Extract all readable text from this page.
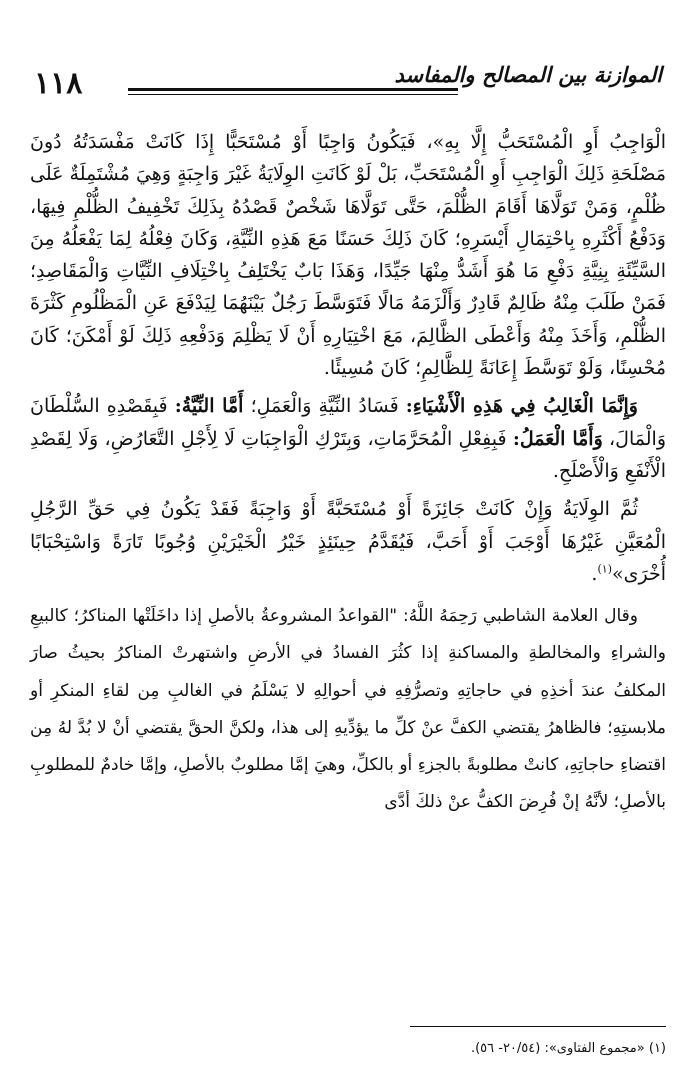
١١٨	الموازنة بين المصالح والمفاسد

الْوَاجِبُ أَوِ الْمُسْتَحَبُّ إِلَّا بِهِ»، فَيَكُونُ وَاجِبًا أَوْ مُسْتَحَبًّا إِذَا كَانَتْ مَفْسَدَتُهُ دُونَ مَصْلَحَةِ ذَلِكَ الْوَاجِبِ أَوِ الْمُسْتَحَبِّ، بَلْ لَوْ كَانَتِ الوِلَايَةُ غَيْرَ وَاجِبَةٍ وَهِيَ مُشْتَمِلَةٌ عَلَى ظُلْمٍ، وَمَنْ تَوَلَّاهَا أَقَامَ الظُّلْمَ، حَتَّى تَوَلَّاهَا شَخْصٌ قَصْدُهُ بِذَلِكَ تَخْفِيفُ الظُّلْمِ فِيهَا، وَدَفْعُ أَكْثَرِهِ بِاحْتِمَالِ أَيْسَرِهِ؛ كَانَ ذَلِكَ حَسَنًا مَعَ هَذِهِ النِّيَّةِ، وَكَانَ فِعْلُهُ لِمَا يَفْعَلُهُ مِنَ السَّيِّئَةِ بِنِيَّةِ دَفْعِ مَا هُوَ أَشَدُّ مِنْهَا جَيِّدًا، وَهَذَا بَابٌ يَخْتَلِفُ بِاخْتِلَافِ النِّيَّاتِ وَالْمَقَاصِدِ؛ فَمَنْ طَلَبَ مِنْهُ ظَالِمٌ قَادِرٌ وَأَلْزَمَهُ مَالًا فَتَوَسَّطَ رَجُلٌ بَيْنَهُمَا لِيَدْفَعَ عَنِ الْمَظْلُومِ كَثْرَةَ الظُّلْمِ، وَأَخَذَ مِنْهُ وَأَعْطَى الظَّالِمَ، مَعَ اخْتِيَارِهِ أَنْ لَا يَظْلِمَ وَدَفْعِهِ ذَلِكَ لَوْ أَمْكَنَ؛ كَانَ مُحْسِنًا، وَلَوْ تَوَسَّطَ إِعَانَةً لِلظَّالِمِ؛ كَانَ مُسِيئًا.

وَإِنَّمَا الْغَالِبُ فِي هَذِهِ الْأَشْيَاءِ: فَسَادُ النِّيَّةِ وَالْعَمَلِ؛ أَمَّا النِّيَّةُ: فَبِقَصْدِهِ السُّلْطَانَ وَالْمَالَ، وَأَمَّا الْعَمَلُ: فَبِفِعْلِ الْمُحَرَّمَاتِ، وَبِتَرْكِ الْوَاجِبَاتِ لَا لِأَجْلِ التَّعَارُضِ، وَلَا لِقَصْدِ الْأَنْفَعِ وَالْأَصْلَحِ.

ثُمَّ الوِلَايَةُ وَإِنْ كَانَتْ جَائِزَةً أَوْ مُسْتَحَبَّةً أَوْ وَاجِبَةً فَقَدْ يَكُونُ فِي حَقِّ الرَّجُلِ الْمُعَيَّنِ غَيْرُهَا أَوْجَبَ أَوْ أَحَبَّ، فَيُقَدَّمُ حِينَئِذٍ خَيْرُ الْخَيْرَيْنِ وُجُوبًا تَارَةً وَاسْتِحْبَابًا أُخْرَى»$^{(١)}$.

وقال العلامة الشاطبي رَحِمَهُ اللَّهُ: "القواعدُ المشروعةُ بالأصلِ إذا داخَلَتْها المناكرُ؛ كالبيعِ والشراءِ والمخالطةِ والمساكنةِ إذا كثُرَ الفسادُ في الأرضِ واشتهرتْ المناكرُ بحيثُ صارَ المكلفُ عندَ أخذِهِ في حاجاتِهِ وتصرُّفِهِ في أحوالِهِ لا يَسْلَمُ في الغالبِ مِن لقاءِ المنكرِ أو ملابستِهِ؛ فالظاهرُ يقتضي الكفَّ عنْ كلِّ ما يؤدِّيهِ إلى هذا، ولكنَّ الحقَّ يقتضي أنْ لا بُدَّ لهُ مِن اقتضاءِ حاجاتِهِ، كانتْ مطلوبةً بالجزءِ أو بالكلِّ، وهيَ إمَّا مطلوبٌ بالأصلِ، وإمَّا خادمٌ للمطلوبِ بالأصلِ؛ لأنَّهُ إنْ فُرِضَ الكفُّ عنْ ذلكَ أدَّى

(١) «مجموع الفتاوى»: (٢٠/٥٤- ٥٦).
